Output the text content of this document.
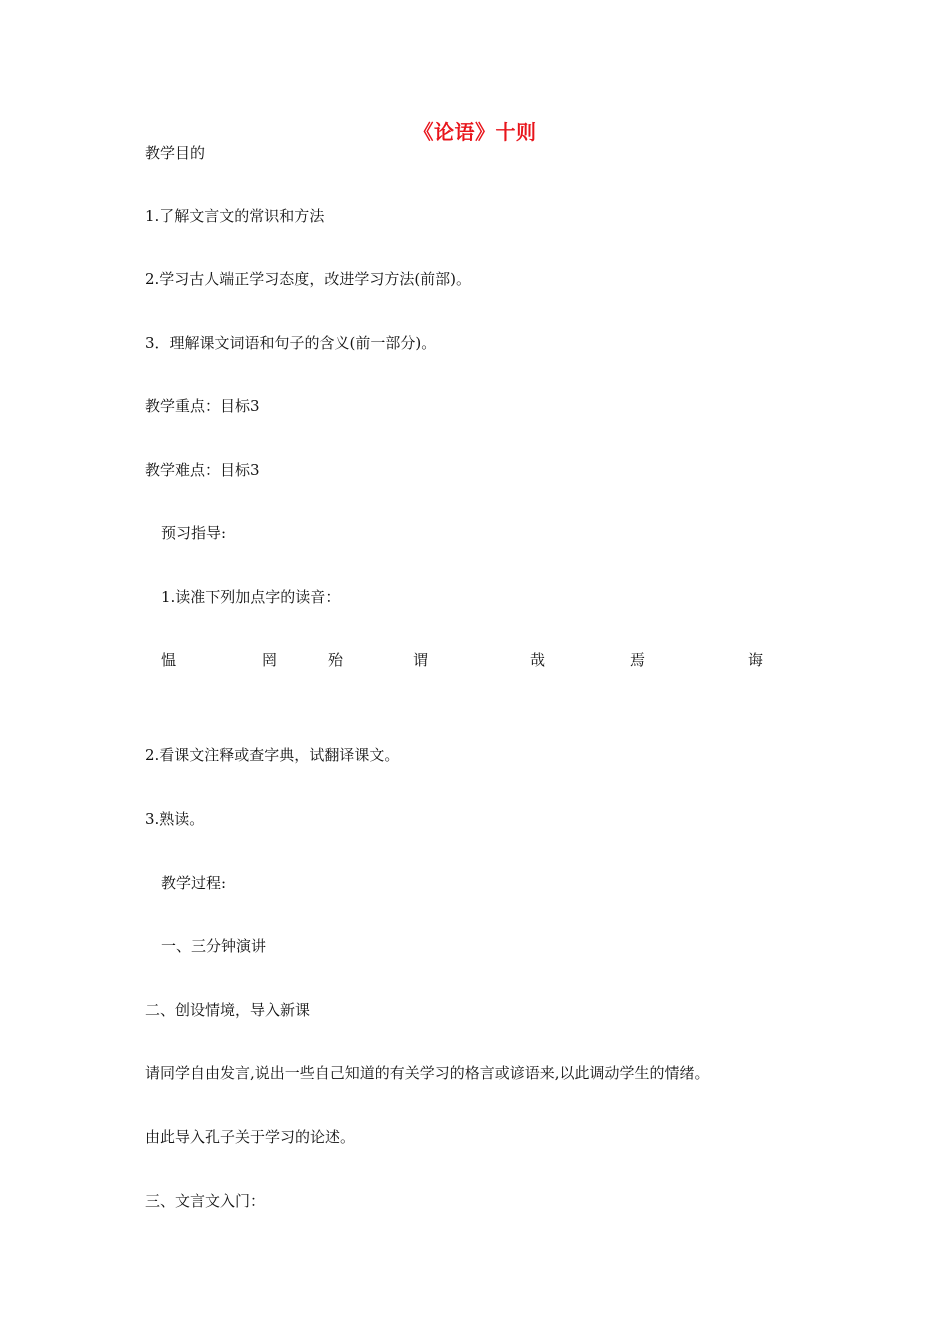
《论语》十则
教学目的
1.了解文言文的常识和方法
2.学习古人端正学习态度，改进学习方法(前部)。
3．理解课文词语和句子的含义(前一部分)。
教学重点：目标3
教学难点：目标3
预习指导:
1.读准下列加点字的读音：
愠	罔	殆	谓	哉	焉	诲
2.看课文注释或查字典，试翻译课文。
3.熟读。
教学过程:
一、三分钟演讲
二、创设情境，导入新课
请同学自由发言,说出一些自己知道的有关学习的格言或谚语来,以此调动学生的情绪。
由此导入孔子关于学习的论述。
三、文言文入门：
